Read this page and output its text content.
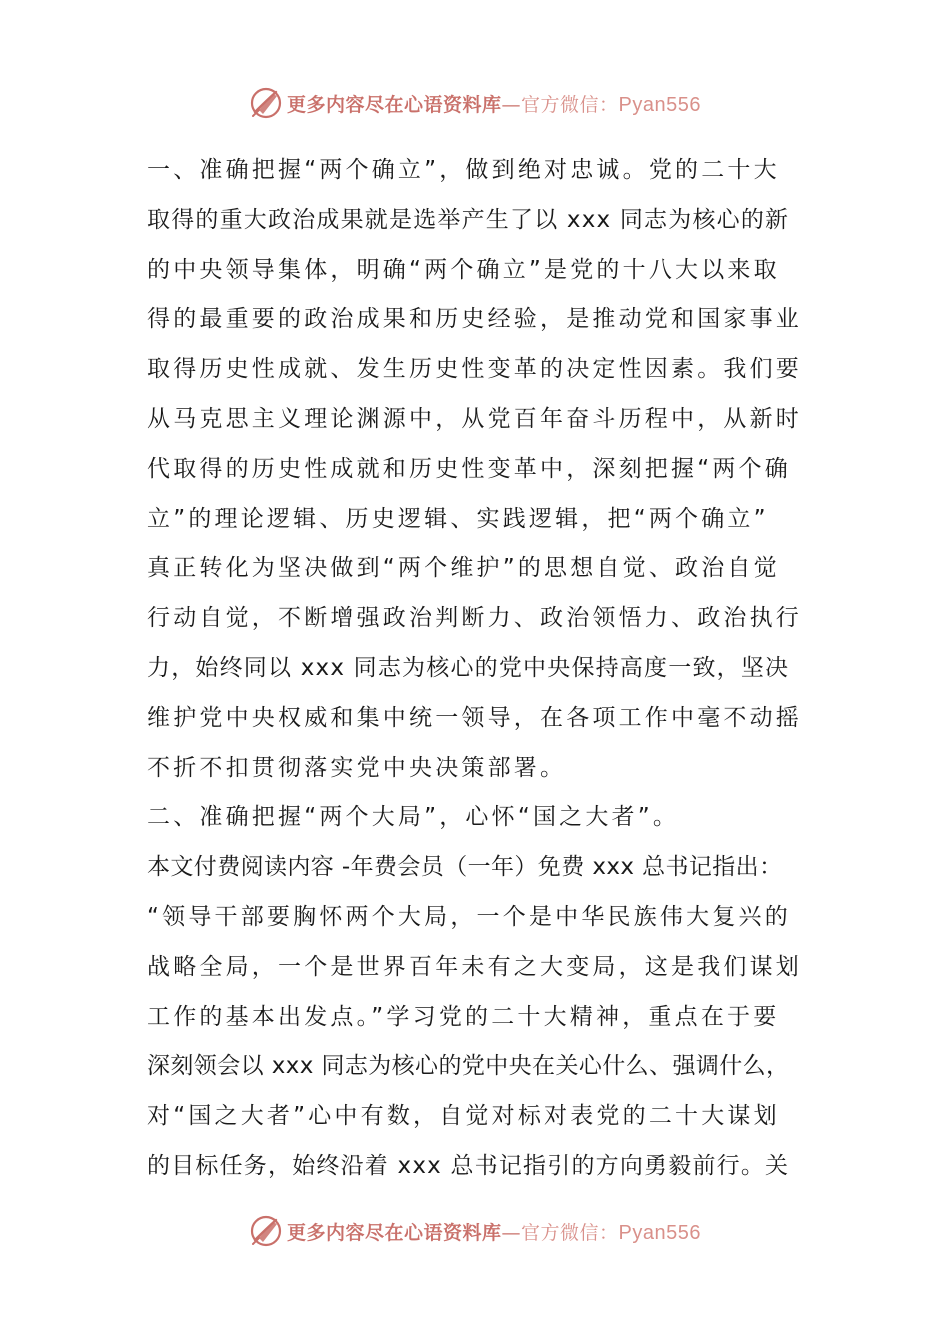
更多内容尽在心语资料库—官方微信：Pyan556
一、准确把握“两个确立”，做到绝对忠诚。党的二十大
取得的重大政治成果就是选举产生了以 xxx 同志为核心的新
的中央领导集体，明确“两个确立”是党的十八大以来取
得的最重要的政治成果和历史经验，是推动党和国家事业
取得历史性成就、发生历史性变革的决定性因素。我们要
从马克思主义理论渊源中，从党百年奋斗历程中，从新时
代取得的历史性成就和历史性变革中，深刻把握“两个确
立”的理论逻辑、历史逻辑、实践逻辑，把“两个确立”
真正转化为坚决做到“两个维护”的思想自觉、政治自觉
行动自觉，不断增强政治判断力、政治领悟力、政治执行
力，始终同以 xxx 同志为核心的党中央保持高度一致，坚决
维护党中央权威和集中统一领导，在各项工作中毫不动摇
不折不扣贯彻落实党中央决策部署。
二、准确把握“两个大局”，心怀“国之大者”。
本文付费阅读内容 -年费会员（一年）免费 xxx 总书记指出：
“领导干部要胸怀两个大局，一个是中华民族伟大复兴的
战略全局，一个是世界百年未有之大变局，这是我们谋划
工作的基本出发点。”学习党的二十大精神，重点在于要
深刻领会以 xxx 同志为核心的党中央在关心什么、强调什么，
对“国之大者”心中有数，自觉对标对表党的二十大谋划
的目标任务，始终沿着 xxx 总书记指引的方向勇毅前行。关
更多内容尽在心语资料库—官方微信：Pyan556
